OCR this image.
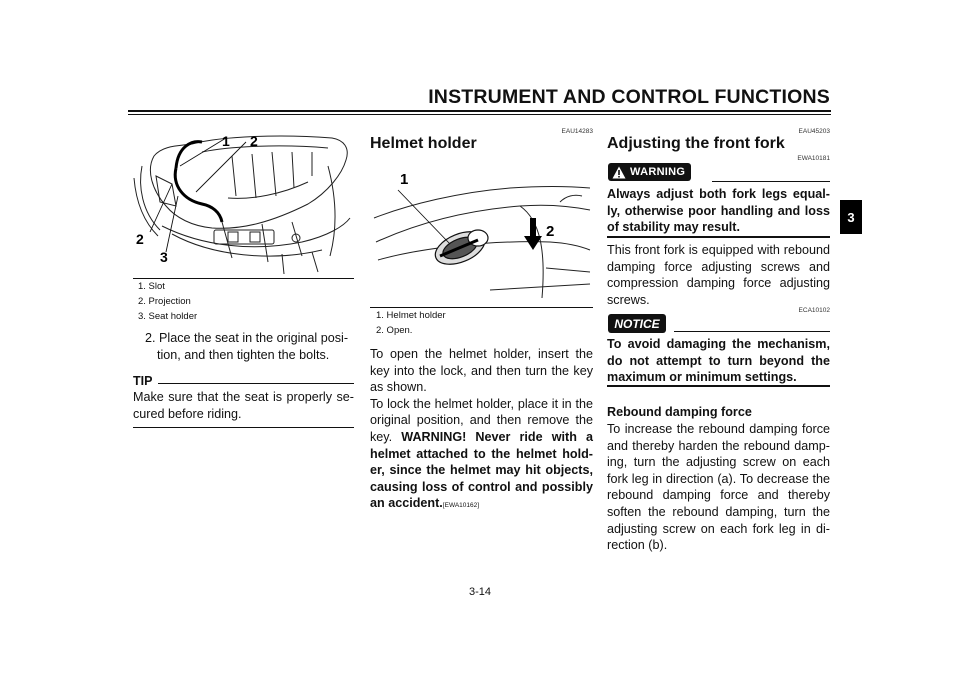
INSTRUMENT AND CONTROL FUNCTIONS
3
1 2
2
3
1. Slot
2. Projection
3. Seat holder
2. Place the seat in the original posi-
tion, and then tighten the bolts.
TIP
Make sure that the seat is properly se-cured before riding.
EAU14283
Helmet holder
1
2
1. Helmet holder
2. Open.
To open the helmet holder, insert the key into the lock, and then turn the key as shown.
To lock the helmet holder, place it in the original position, and then remove the key. WARNING! Never ride with a helmet attached to the helmet hold-er, since the helmet may hit objects, causing loss of control and possibly an accident.[EWA10162]
EAU45203
Adjusting the front fork
EWA10181
WARNING
Always adjust both fork legs equal-ly, otherwise poor handling and loss of stability may result.
This front fork is equipped with rebound damping force adjusting screws and compression damping force adjusting screws.
ECA10102
NOTICE
To avoid damaging the mechanism, do not attempt to turn beyond the maximum or minimum settings.
Rebound damping force
To increase the rebound damping force and thereby harden the rebound damp-ing, turn the adjusting screw on each fork leg in direction (a). To decrease the rebound damping force and thereby soften the rebound damping, turn the adjusting screw on each fork leg in di-rection (b).
3-14
